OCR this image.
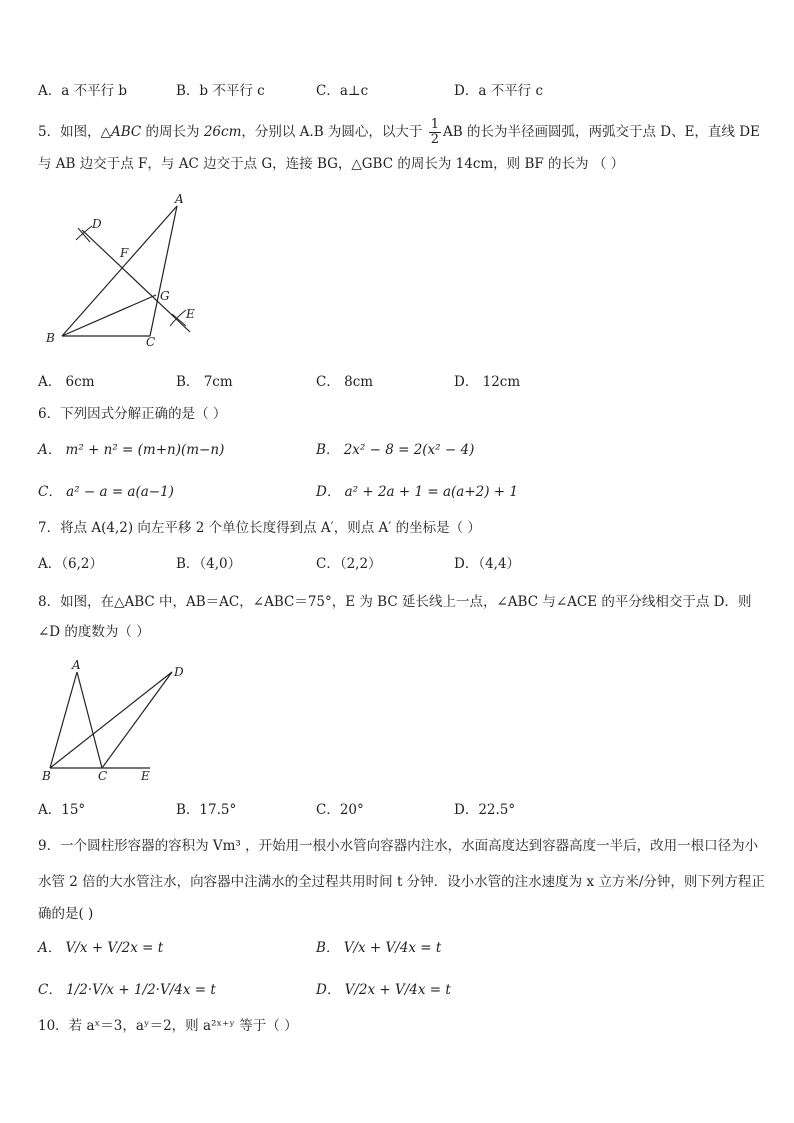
A．a 不平行 b	B．b 不平行 c	C．a⊥c	D．a 不平行 c
5．如图，△ABC 的周长为 26cm，分别以 A.B 为圆心，以大于 $\frac{1}{2}$ AB 的长为半径画圆弧，两弧交于点 D、E，直线 DE
与 AB 边交于点 F，与 AC 边交于点 G，连接 BG，△GBC 的周长为 14cm，则 BF 的长为 （ ）
A
D
F
G
E
B	C
A． 6cm	B． 7cm	C． 8cm	D． 12cm
6．下列因式分解正确的是（ ）
A． m² + n² = (m+n)(m−n)	B． 2x² − 8 = 2(x² − 4)
C． a² − a = a(a−1)	D． a² + 2a + 1 = a(a+2) + 1
7．将点 A(4,2) 向左平移 2 个单位长度得到点 A′，则点 A′ 的坐标是（ ）
A．（6,2）	B．（4,0）	C．（2,2）	D．（4,4）
8．如图，在△ABC 中，AB＝AC，∠ABC＝75°，E 为 BC 延长线上一点，∠ABC 与∠ACE 的平分线相交于点 D．则
∠D 的度数为（ ）
A	D
B	C	E
A．15°	B．17.5°	C．20°	D．22.5°
9．一个圆柱形容器的容积为 Vm³ ，开始用一根小水管向容器内注水，水面高度达到容器高度一半后，改用一根口径为小
水管 2 倍的大水管注水，向容器中注满水的全过程共用时间 t 分钟．设小水管的注水速度为 x 立方米/分钟，则下列方程正
确的是( )
A． V/x + V/2x = t	B． V/x + V/4x = t
C． 1/2·V/x + 1/2·V/4x = t	D． V/2x + V/4x = t
10．若 aˣ＝3，aʸ＝2，则 a²ˣ⁺ʸ 等于（ ）
